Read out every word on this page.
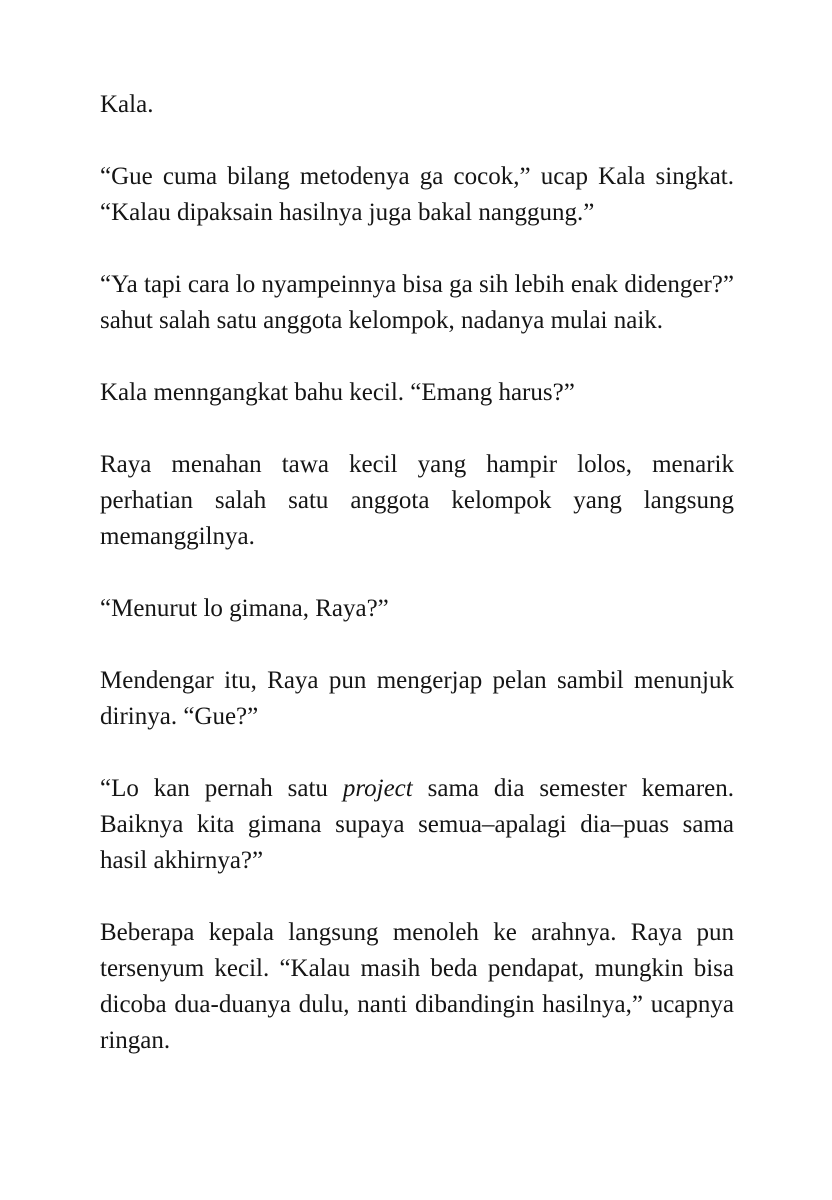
Kala.

“Gue cuma bilang metodenya ga cocok,” ucap Kala singkat. “Kalau dipaksain hasilnya juga bakal nanggung.”

“Ya tapi cara lo nyampeinnya bisa ga sih lebih enak didenger?” sahut salah satu anggota kelompok, nadanya mulai naik.

Kala menngangkat bahu kecil. “Emang harus?”

Raya menahan tawa kecil yang hampir lolos, menarik perhatian salah satu anggota kelompok yang langsung memanggilnya.

“Menurut lo gimana, Raya?”

Mendengar itu, Raya pun mengerjap pelan sambil menunjuk dirinya. “Gue?”

“Lo kan pernah satu project sama dia semester kemaren. Baiknya kita gimana supaya semua–apalagi dia–puas sama hasil akhirnya?”

Beberapa kepala langsung menoleh ke arahnya. Raya pun tersenyum kecil. “Kalau masih beda pendapat, mungkin bisa dicoba dua-duanya dulu, nanti dibandingin hasilnya,” ucapnya ringan.
